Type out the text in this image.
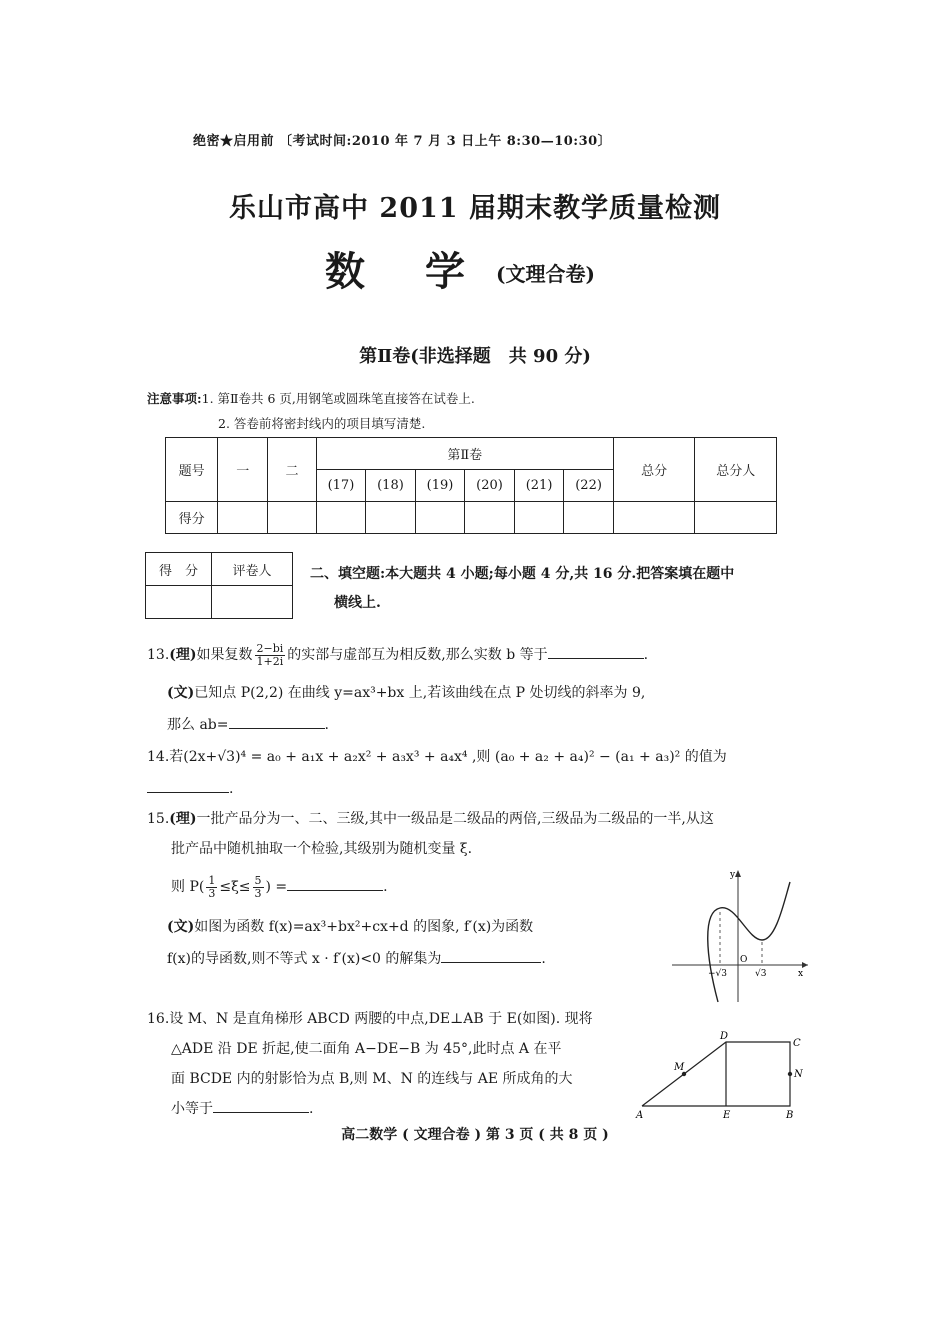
绝密★启用前 〔考试时间:2010 年 7 月 3 日上午 8:30—10:30〕
乐山市高中 2011 届期末教学质量检测
数学
(文理合卷)
第Ⅱ卷(非选择题　共 90 分)
注意事项:1. 第Ⅱ卷共 6 页,用钢笔或圆珠笔直接答在试卷上.
2. 答卷前将密封线内的项目填写清楚.
题号	一	二	第Ⅱ卷						总分	总分人
			(17)	(18)	(19)	(20)	(21)	(22)		
得分										
得　分	评卷人
		二、填空题:本大题共 4 小题;每小题 4 分,共 16 分.把答案填在题中
横线上.
13.(理)如果复数 $\frac{2-bi}{1+2i}$ 的实部与虚部互为相反数,那么实数 b 等于	.
(文)已知点 P(2,2) 在曲线 y=ax³+bx 上,若该曲线在点 P 处切线的斜率为 9,
那么 ab=	.
14.若(2x+√3)⁴ = a₀ + a₁x + a₂x² + a₃x³ + a₄x⁴ ,则 (a₀ + a₂ + a₄)² − (a₁ + a₃)² 的值为
.
15.(理)一批产品分为一、二、三级,其中一级品是二级品的两倍,三级品为二级品的一半,从这
批产品中随机抽取一个检验,其级别为随机变量 ξ.
则 $P( \frac{1}{3} \le\xi\le \frac{5}{3}$ ) =	.
(文)如图为函数 f(x)=ax³+bx²+cx+d 的图象, f′(x)为函数
f(x)的导函数,则不等式 x · f′(x)<0 的解集为	.
y
x
O
−√3	√3
16.设 M、N 是直角梯形 ABCD 两腰的中点,DE⊥AB 于 E(如图). 现将
△ADE 沿 DE 折起,使二面角 A−DE−B 为 45°,此时点 A 在平
面 BCDE 内的射影恰为点 B,则 M、N 的连线与 AE 所成角的大
小等于	.	A	B
C
D
E
M
N
高二数学 ( 文理合卷 ) 第 3 页 ( 共 8 页 )
